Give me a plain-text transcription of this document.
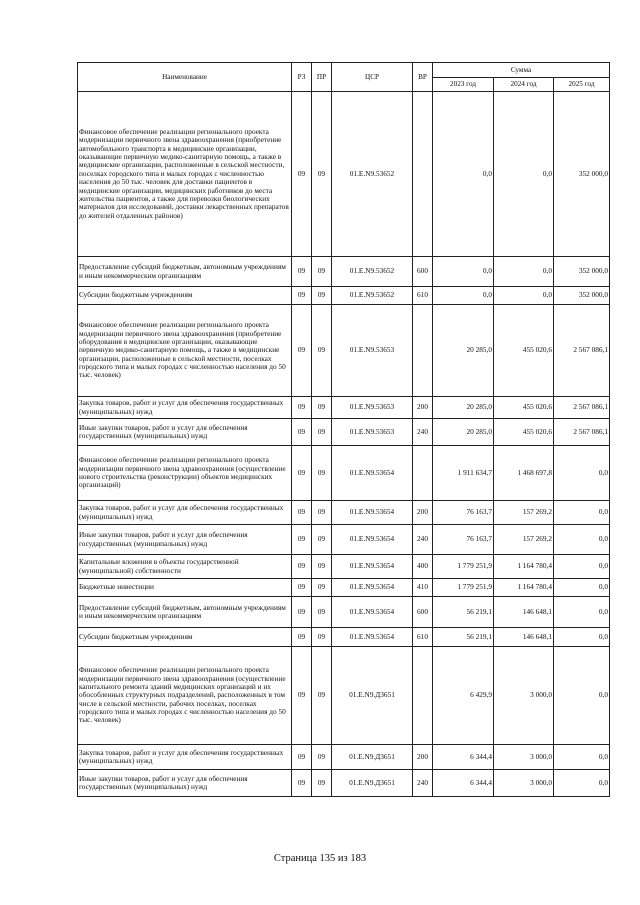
Наименование	РЗ	ПР	ЦСР	ВР	Сумма		
					2023 год	2024 год	2025 год
Финансовое обеспечение реализации регионального проекта модернизации первичного звена здравоохранения (приобретение автомобильного транспорта в медицинские организации, оказывающие первичную медико-санитарную помощь, а также в медицинские организации, расположенные в сельской местности, поселках городского типа и малых городах с численностью населения до 50 тыс. человек для доставки пациентов в медицинские организации, медицинских работников до места жительства пациентов, а также для перевозки биологических материалов для исследований, доставки лекарственных препаратов до жителей отдаленных районов)	09	09	01.Е.N9.53652		0,0	0,0	352 000,0
Предоставление субсидий бюджетным, автономным учреждениям и иным некоммерческим организациям	09	09	01.Е.N9.53652	600	0,0	0,0	352 000,0
Субсидии бюджетным учреждениям	09	09	01.Е.N9.53652	610	0,0	0,0	352 000,0
Финансовое обеспечение реализации регионального проекта модернизации первичного звена здравоохранения (приобретение оборудования в медицинские организации, оказывающие первичную медико-санитарную помощь, а также в медицинские организации, расположенные в сельской местности, поселках городского типа и малых городах с численностью населения до 50 тыс. человек)	09	09	01.Е.N9.53653		20 285,0	455 020,6	2 567 086,1
Закупка товаров, работ и услуг для обеспечения государственных (муниципальных) нужд	09	09	01.Е.N9.53653	200	20 285,0	455 020,6	2 567 086,1
Иные закупки товаров, работ и услуг для обеспечения государственных (муниципальных) нужд	09	09	01.Е.N9.53653	240	20 285,0	455 020,6	2 567 086,1
Финансовое обеспечение реализации регионального проекта модернизации первичного звена здравоохранения (осуществление нового строительства (реконструкции) объектов медицинских организаций)	09	09	01.Е.N9.53654		1 911 634,7	1 468 697,8	0,0
Закупка товаров, работ и услуг для обеспечения государственных (муниципальных) нужд	09	09	01.Е.N9.53654	200	76 163,7	157 269,2	0,0
Иные закупки товаров, работ и услуг для обеспечения государственных (муниципальных) нужд	09	09	01.Е.N9.53654	240	76 163,7	157 269,2	0,0
Капитальные вложения в объекты государственной (муниципальной) собственности	09	09	01.Е.N9.53654	400	1 779 251,9	1 164 780,4	0,0
Бюджетные инвестиции	09	09	01.Е.N9.53654	410	1 779 251,9	1 164 780,4	0,0
Предоставление субсидий бюджетным, автономным учреждениям и иным некоммерческим организациям	09	09	01.Е.N9.53654	600	56 219,1	146 648,1	0,0
Субсидии бюджетным учреждениям	09	09	01.Е.N9.53654	610	56 219,1	146 648,1	0,0
Финансовое обеспечение реализации регионального проекта модернизации первичного звена здравоохранения (осуществление капитального ремонта зданий медицинских организаций и их обособленных структурных подразделений, расположенных в том числе в сельской местности, рабочих поселках, поселках городского типа и малых городах с численностью населения до 50 тыс. человек)	09	09	01.Е.N9.Д3651		6 429,9	3 000,0	0,0
Закупка товаров, работ и услуг для обеспечения государственных (муниципальных) нужд	09	09	01.Е.N9.Д3651	200	6 344,4	3 000,0	0,0
Иные закупки товаров, работ и услуг для обеспечения государственных (муниципальных) нужд	09	09	01.Е.N9.Д3651	240	6 344,4	3 000,0	0,0
Страница 135 из 183
